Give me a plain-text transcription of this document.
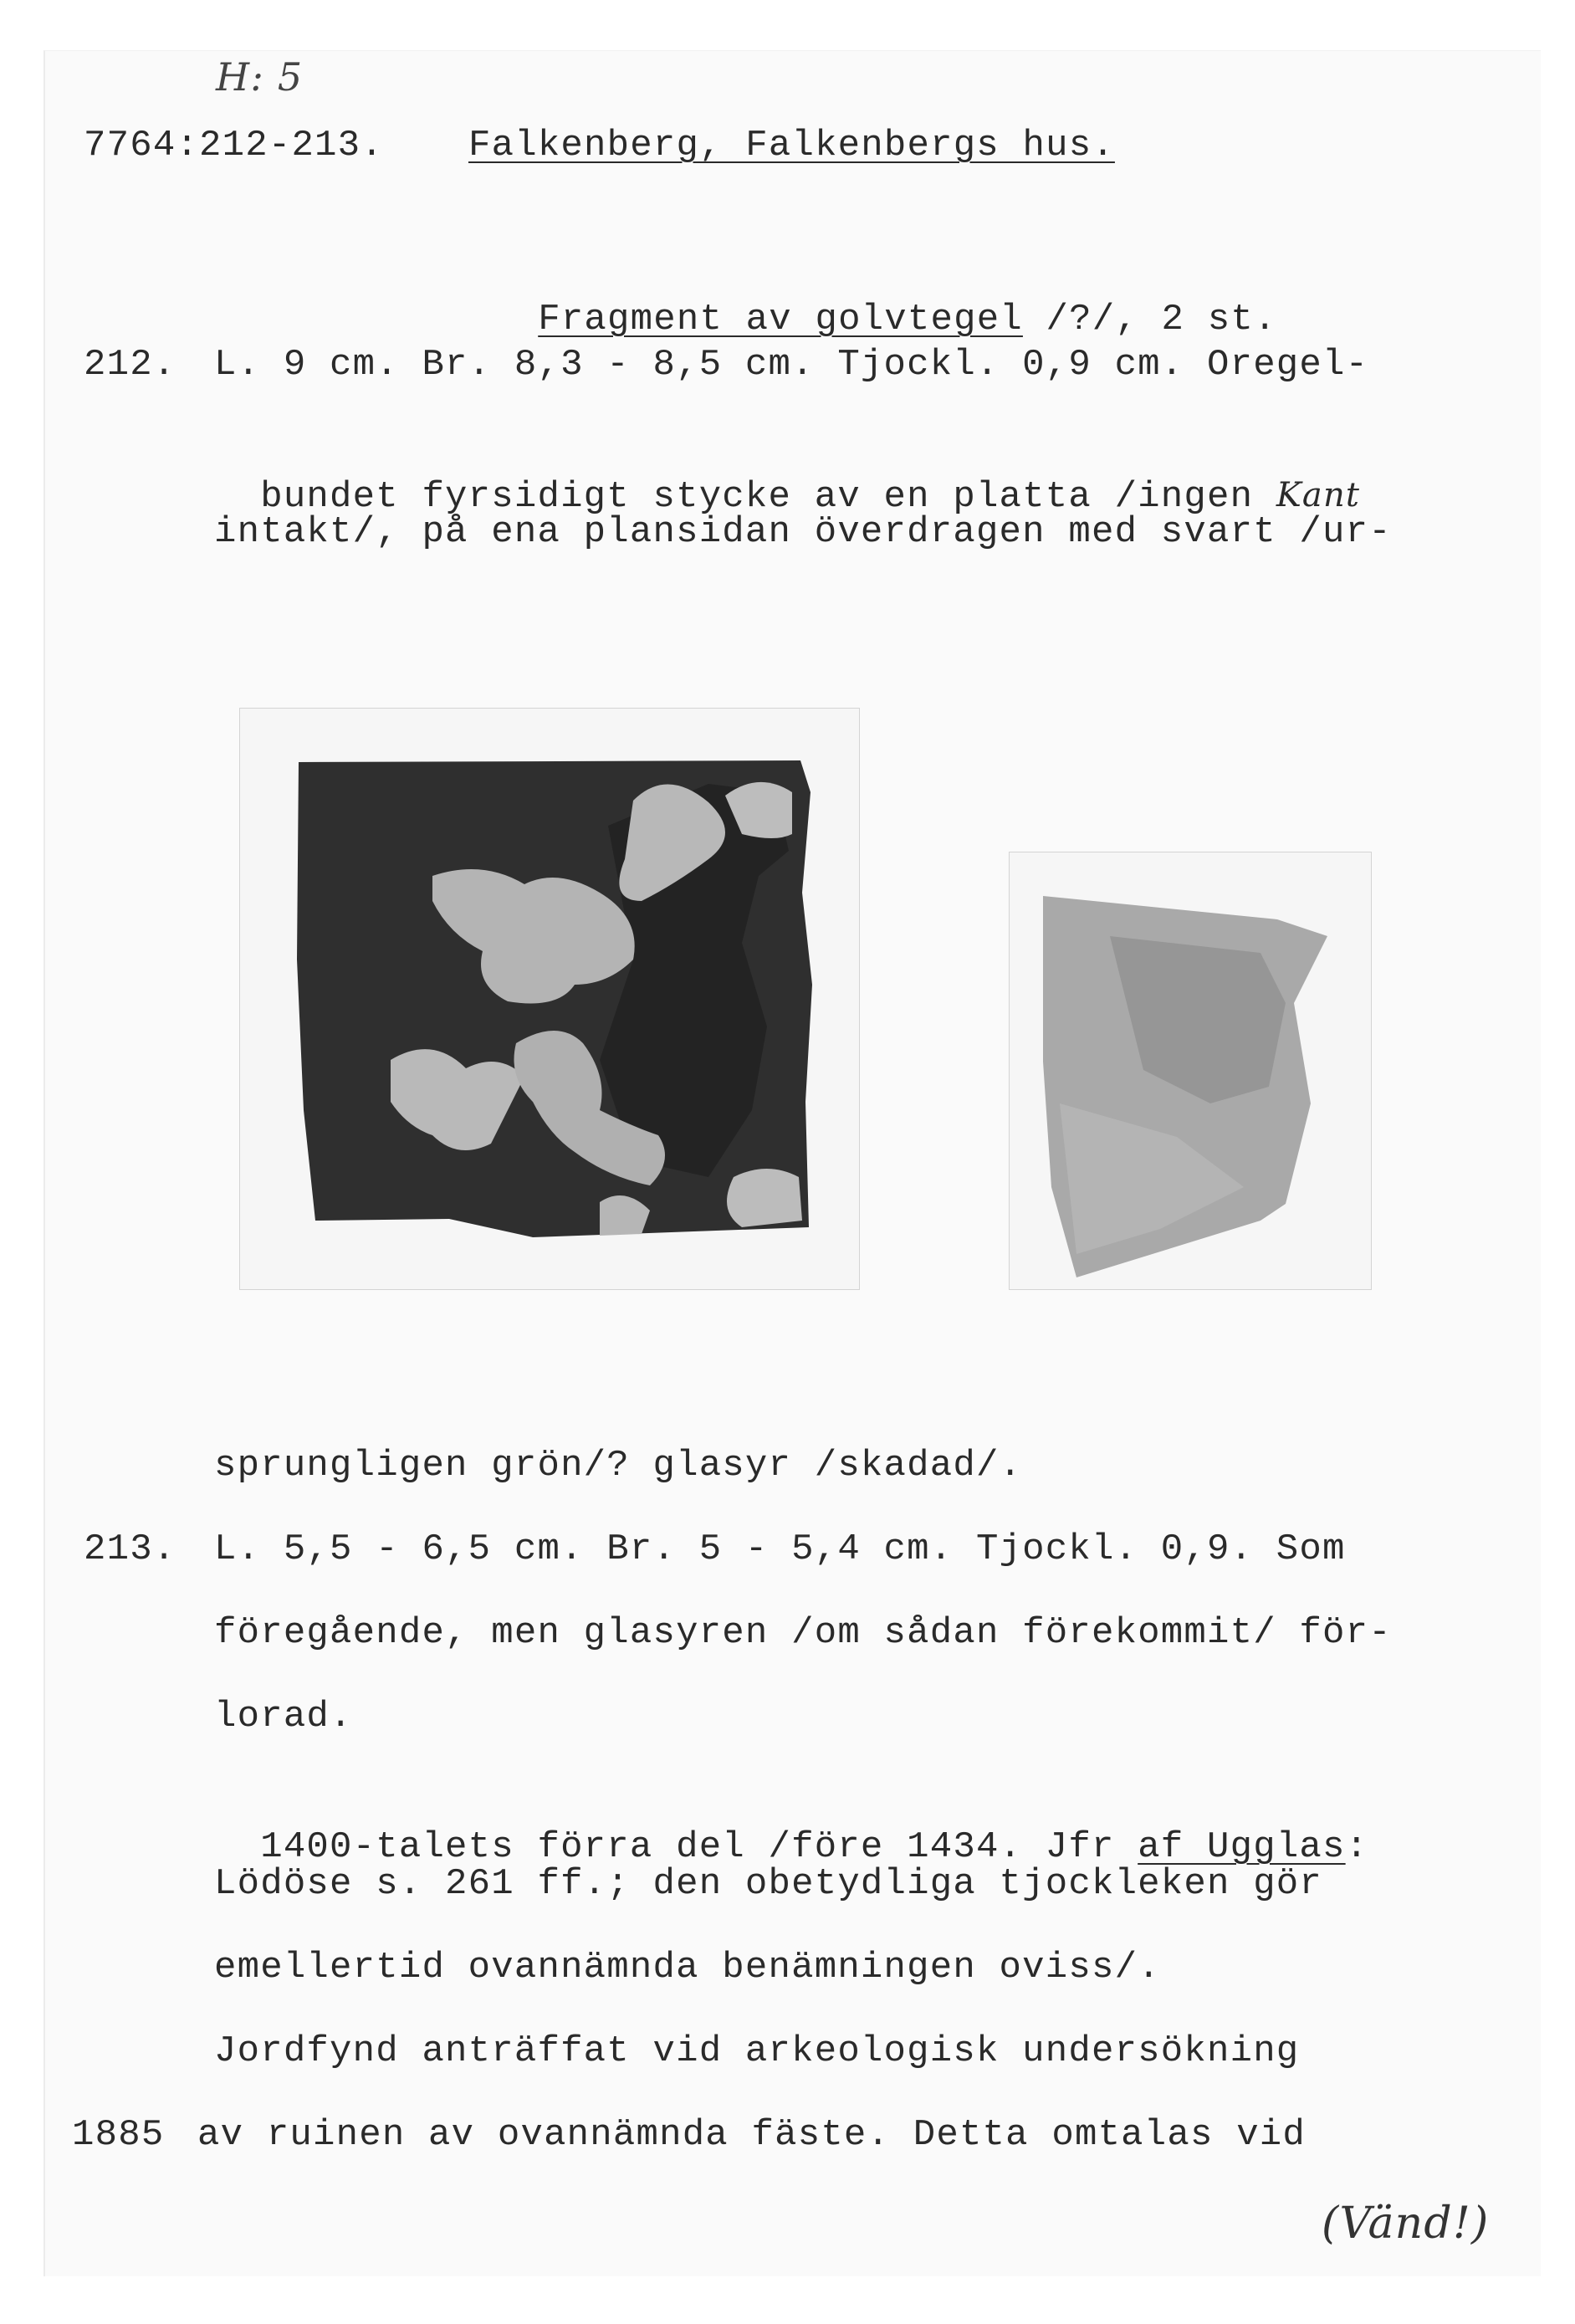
H: 5
7764:212-213. Falkenberg, Falkenbergs hus.

Fragment av golvtegel /?/, 2 st.

212. L. 9 cm. Br. 8,3 - 8,5 cm. Tjockl. 0,9 cm. Oregel-

bundet fyrsidigt stycke av en platta /ingen Kant

intakt/, på ena plansidan överdragen med svart /ur-
sprungligen grön/? glasyr /skadad/.
213. L. 5,5 - 6,5 cm. Br. 5 - 5,4 cm. Tjockl. 0,9. Som
föregående, men glasyren /om sådan förekommit/ för-
lorad.

1400-talets förra del /före 1434. Jfr af Ugglas:

Lödöse s. 261 ff.; den obetydliga tjockleken gör
emellertid ovannämnda benämningen oviss/.
Jordfynd anträffat vid arkeologisk undersökning
1885 av ruinen av ovannämnda fäste. Detta omtalas vid
(Vänd!)
